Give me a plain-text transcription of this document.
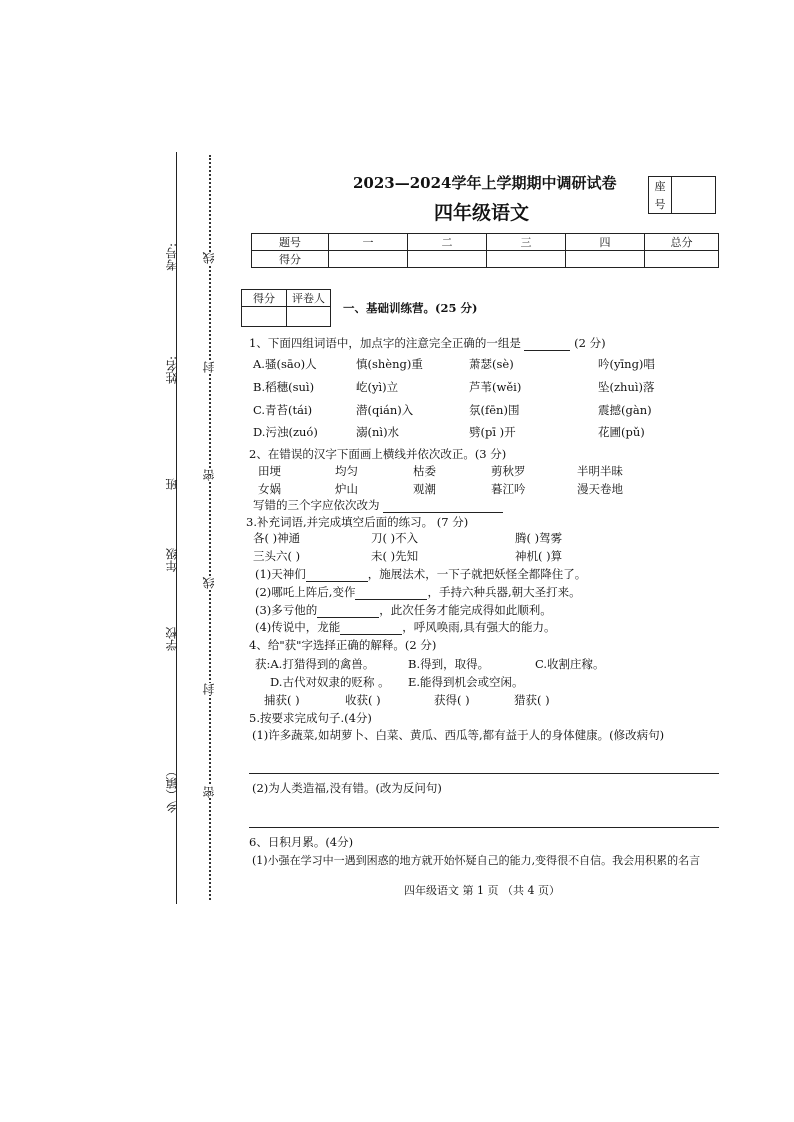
考号:
姓名:
班
年级
学校
乡（镇）
线
封
密
线
封
密
2023—2024学年上学期期中调研试卷
四年级语文
座	
号
题号	一	二	三	四	总分
得分					
得分	评卷人

一、基础训练营。(25 分)
1、下面四组词语中，加点字的注意完全正确的一组是	(2 分)
A.骚(sāo)人	慎(shèng)重	萧瑟(sè)	吟(yīng)唱
B.稻穗(suì)	屹(yì)立	芦苇(wěi)	坠(zhuì)落
C.青苔(tái)	潜(qián)入	氛(fēn)围	震撼(gàn)
D.污浊(zuó)	溺(nì)水	劈(pī )开	花圃(pǔ)
2、在错误的汉字下面画上横线并依次改正。(3 分)
田埂	均匀	枯委	剪秋罗	半明半昧
女娲	炉山	观潮	暮江吟	漫天卷地
写错的三个字应依次改为
3.补充词语,并完成填空后面的练习。 (7 分)
各( )神通	刀( )不入	腾( )驾雾
三头六( )	未( )先知	神机( )算
(1)天神们	，施展法术，一下子就把妖怪全都降住了。
(2)哪吒上阵后,变作	，手持六种兵器,朝大圣打来。
(3)多亏他的	，此次任务才能完成得如此顺利。
(4)传说中，龙能	，呼风唤雨,具有强大的能力。
4、给"获"字选择正确的解释。(2 分)
获:A.打猎得到的禽兽。	B.得到，取得。	C.收割庄稼。
D.古代对奴隶的贬称 。 E.能得到机会或空闲。
捕获( )	收获( )	获得( )	猎获( )
5.按要求完成句子.(4分)
(1)许多蔬菜,如胡萝卜、白菜、黄瓜、西瓜等,都有益于人的身体健康。(修改病句)
(2)为人类造福,没有错。(改为反问句)
6、日积月累。(4分)
(1)小强在学习中一遇到困惑的地方就开始怀疑自己的能力,变得很不自信。我会用积累的名言
四年级语文 第 1 页 （共 4 页）
